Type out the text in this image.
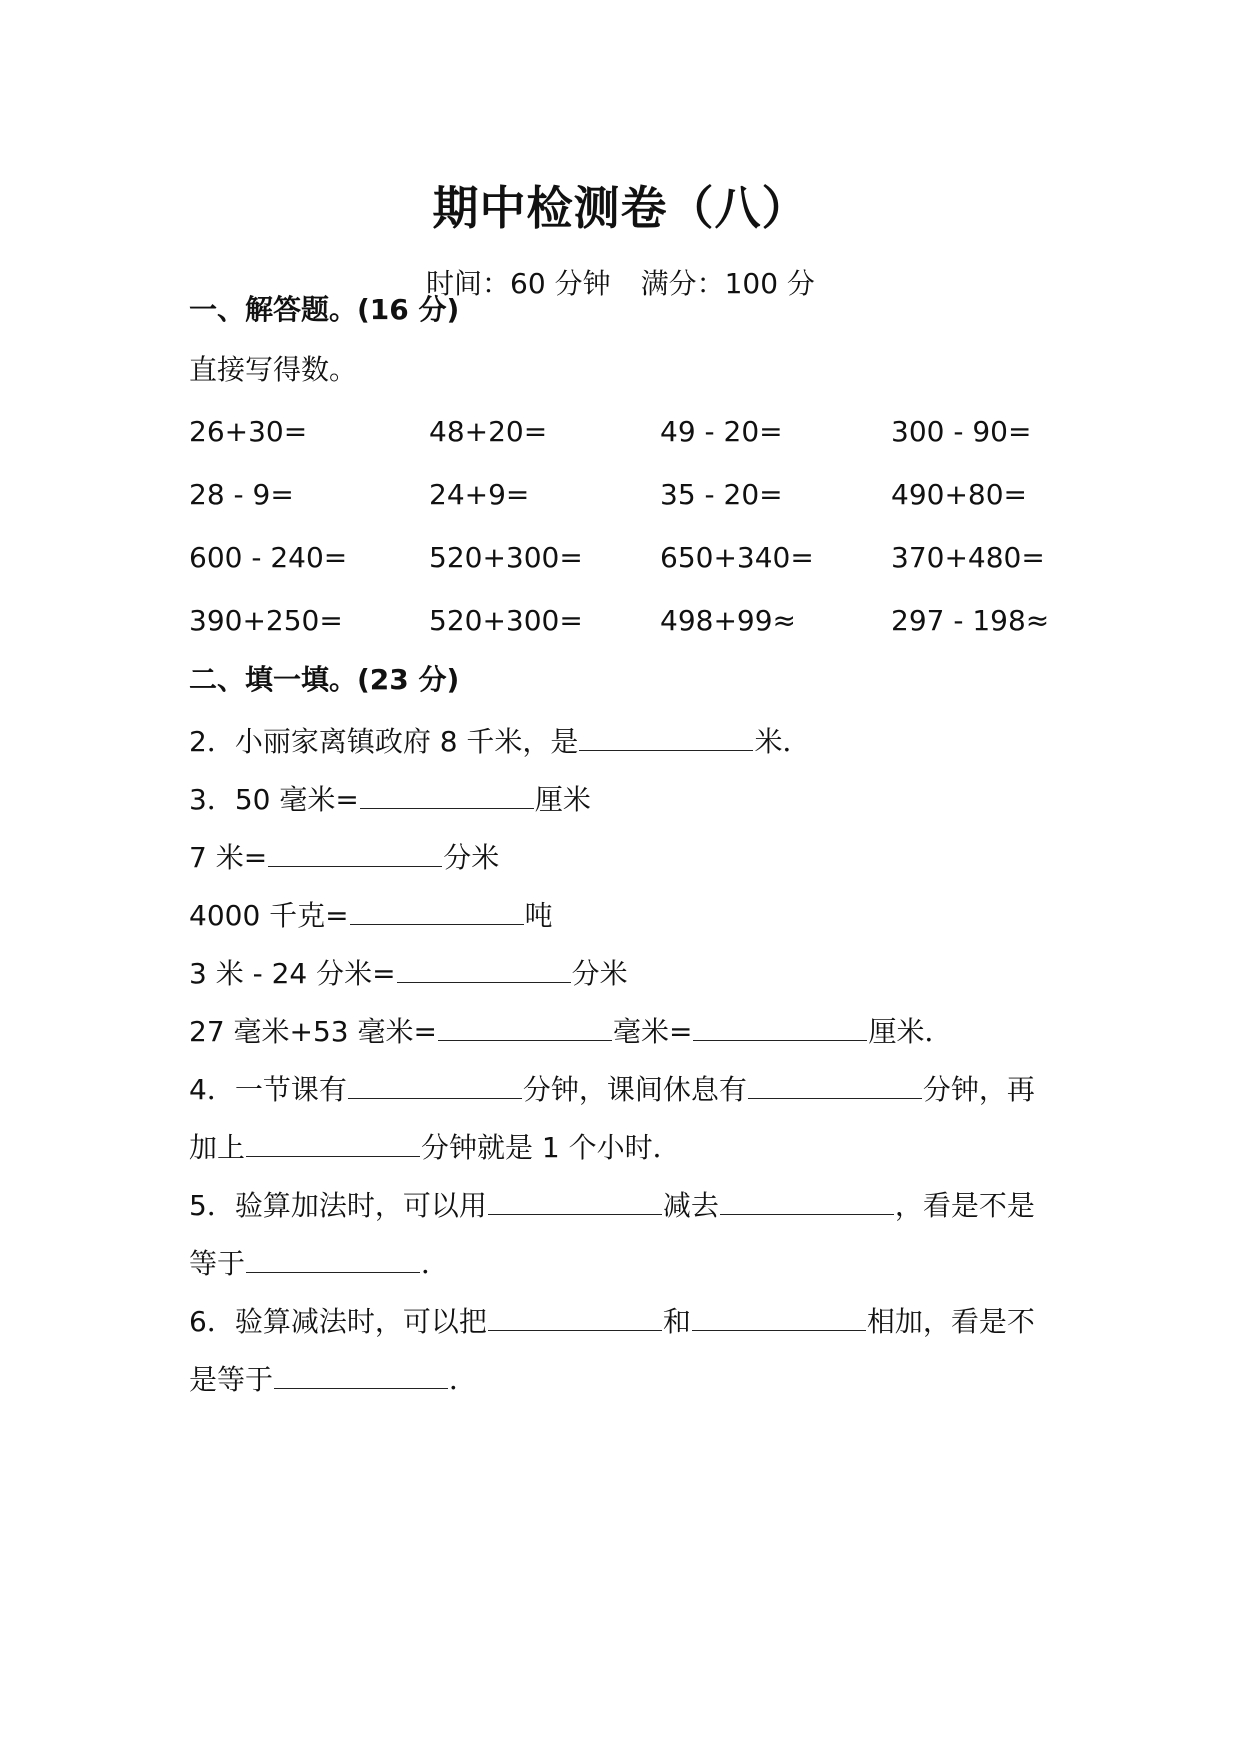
期中检测卷（八）
时间：60 分钟 满分：100 分
一、解答题。(16 分)
直接写得数。
26+30=	48+20=	49 - 20=	300 - 90=
28 - 9=	24+9=	35 - 20=	490+80=
600 - 240=	520+300=	650+340=	370+480=
390+250=	520+300=	498+99≈	297 - 198≈
二、填一填。(23 分)
2．小丽家离镇政府 8 千米，是	米．
3．50 毫米=	厘米
7 米=	分米
4000 千克=	吨
3 米 - 24 分米=	分米
27 毫米+53 毫米=	毫米=	厘米．
4．一节课有	分钟，课间休息有	分钟，再
加上	分钟就是 1 个小时．
5．验算加法时，可以用	减去	，看是不是
等于	．
6．验算减法时，可以把	和	相加，看是不
是等于	．
